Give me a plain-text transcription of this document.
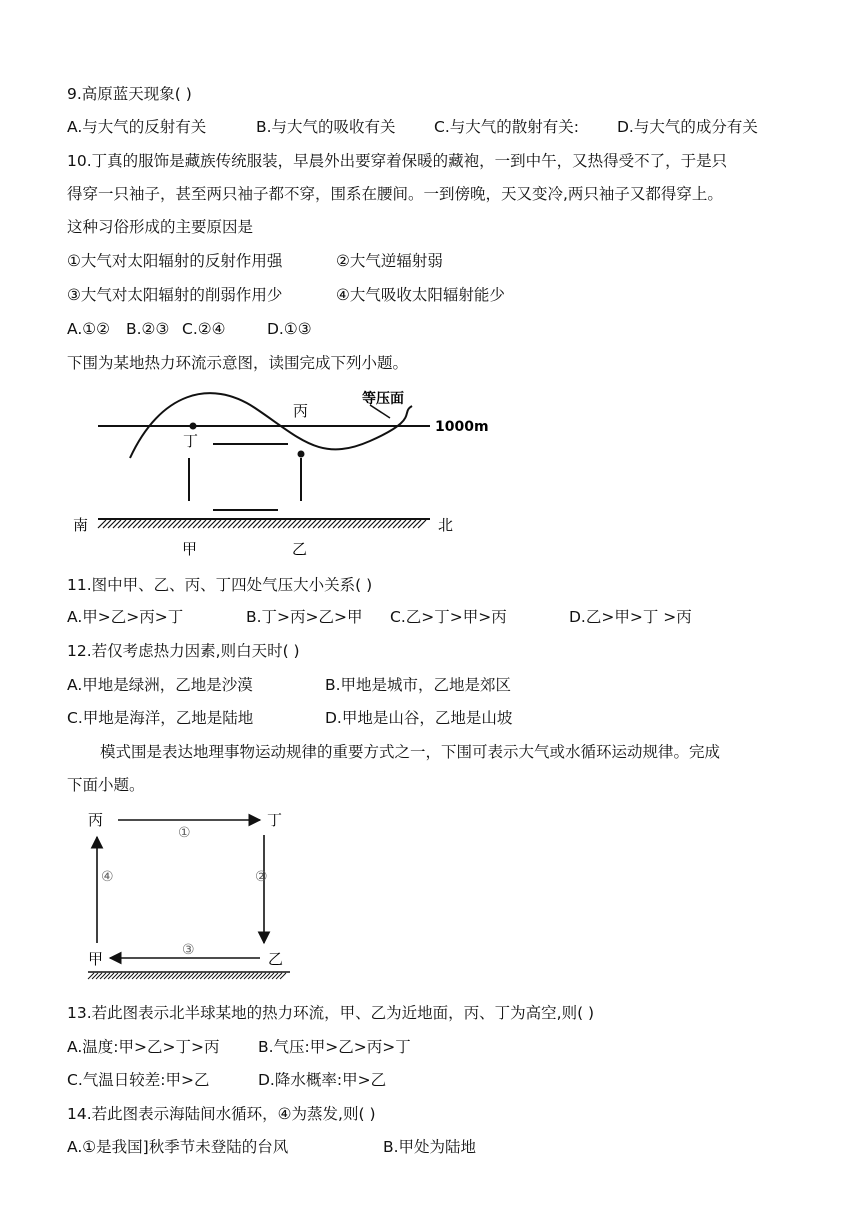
9.高原蓝天现象( )
A.与大气的反射有关	B.与大气的吸收有关 C.与大气的散射有关: D.与大气的成分有关
10.丁真的服饰是藏族传统服装，早晨外出要穿着保暖的藏袍，一到中午，又热得受不了，于是只
得穿一只袖子，甚至两只袖子都不穿，围系在腰间。一到傍晚，天又变冷,两只袖子又都得穿上。
这种习俗形成的主要原因是
①大气对太阳辐射的反射作用强	②大气逆辐射弱
③大气对太阳辐射的削弱作用少	④大气吸收太阳辐射能少
A.①② B.②③ C.②④	D.①③
下围为某地热力环流示意图，读围完成下列小题。
丙
丁
等压面
1000m
南	北
甲	乙
11.图中甲、乙、丙、丁四处气压大小关系( )
A.甲>乙>丙>丁	B.丁>丙>乙>甲 C.乙>丁>甲>丙	D.乙>甲>丁 >丙
12.若仅考虑热力因素,则白天时( )
A.甲地是绿洲，乙地是沙漠	B.甲地是城市，乙地是郊区
C.甲地是海洋，乙地是陆地	D.甲地是山谷，乙地是山坡
模式围是表达地理事物运动规律的重要方式之一，下围可表示大气或水循环运动规律。完成
下面小题。
丙	丁
甲	乙
①
②
③
④
13.若此图表示北半球某地的热力环流，甲、乙为近地面，丙、丁为高空,则( )
A.温度:甲>乙>丁>丙 B.气压:甲>乙>丙>丁
C.气温日较差:甲>乙	D.降水概率:甲>乙
14.若此图表示海陆间水循环，④为蒸发,则( )
A.①是我国]秋季节未登陆的台风	B.甲处为陆地
